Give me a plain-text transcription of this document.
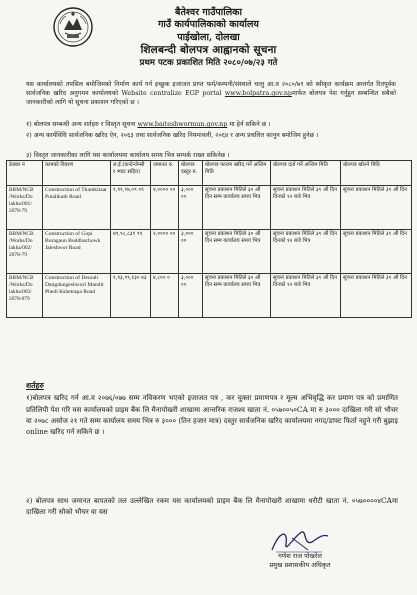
बैतेश्वर गाउँपालिका
गाउँ कार्यपालिकाको कार्यालय
पाईखोला, दोलखा
शिलबन्दी बोलपत्र आह्वानको सूचना
प्रथम पटक प्रकाशित मिति २०८०/०७/२३ गते
यस कार्यालयको तपसिल बमोजिमको निर्माण कार्य गर्न इच्छुक इजाजत प्राप्त फर्म/कम्पनी/संस्थाले चालु आ.व २०८०/७९ को स्वीकृत कार्यक्रम अन्तर्गत रितपूर्वक सार्वजनिक खरिद अनुगमन कार्यालयको Website centralize EGP portal www.bolpatra.gov.npमार्फत बोलपत्र पेश गर्नुहुन सम्बन्धित सबैको जानकारीको लागि यो सूचना प्रकाशन गरिएको छ ।
१) बोलपत्र सम्बन्धी अन्य शर्तहरु र विस्तृत सूचना www.baiteshwormun.gov.np मा हेर्न सकिने छ ।
२) अन्य कार्यविधि सार्वजनिक खरिद ऐन, २०६३ तथा सार्वजनिक खरिद नियमावली, २०६४ र अन्य प्रचलित कानुन बमोजिम हुनेछ ।
३) विस्तृत जानकारीका लागि यस कार्यालयमा कार्यालय समय भित्र सम्पर्क राख्न सकिनेछ ।
ठेक्का नं	कामको विवरण	ल.ई.(कन्टेन्जेन्सी र भ्याट सहित)	जमानत रु.	बोलपत्र दस्तुर रु.	बोलपत्र फाराम खरिद गर्ने अन्तिम मिति	बोलपत्र दर्ता गर्ने अन्तिम मिति	बोलपत्र खोल्ने मिति
BRM/NCB /Works/Do lakha/001/ 2078-79	Construction of Thamkitaar Putalikath Road	१,९९,९७,०९ ०९	४,०००० ००	३,००० ००	सूचना प्रकाशन मितिले ३० औं दिन सम्म कार्यालय समय भित्र	सूचना प्रकाशन मितिले ३१ औं दिन दिनको १२ बजे भित्र	सूचना प्रकाशन मितिले ३१ औं दिन
BRM/NCB /Works/Do lakha/002/ 2078-79	Construction of Gopi Boragaun Buddhachowk Jaleshwor Road	७९,९८,८३१ ९९	२,०००० ००	३,००० ००	सूचना प्रकाशन मितिले ३० औं दिन सम्म कार्यालय समय भित्र	सूचना प्रकाशन मितिले ३१ औं दिन दिनको १२ बजे भित्र	सूचना प्रकाशन मितिले ३१ औं दिन
BRM/NCB /Works/Do lakha/003/ 2078-079	Construction of Deurali Dangdungeshwori Mandir Phedi Kshetrapa Road	१,९३,९९,१३० ४३	४,८०० ०	३,००० ००	सूचना प्रकाशन मितिले ३० औं दिन सम्म कार्यालय समय भित्र	सूचना प्रकाशन मितिले ३१ औं दिन दिनको १२ बजे भित्र	सूचना प्रकाशन मितिले ३१ औं दिन
शर्तहरु
१)बोलपत्र खरिद गर्न आ.व २०७६/०७७ सम्म नविकरण भएको इजाजत पत्र , कर चुक्ता प्रमाणपत्र र मूल्य अभिवृद्धि कर प्रमाण पत्र को प्रमाणित प्रतिलिपी पेश गरि यस कार्यालयको प्राइम बैंक लि मैनापोखरी शाखामा आन्तरिक राजश्व खाता नं. ०५७००५०CA मा रु ३००० दाखिला गरी सो भौचर वा २०७८ असोज २१ गते सम्म कार्यालय समय भित्र रु ३००० (तिन हजार मात्र) दस्तुर सार्वजनिक खरिद कार्यालयमा नगद/डाफ्ट फिर्ता नहुने गरी बुझाइ online खरिद गर्न सकिने छ ।
२) बोलपत्र साथ जमानत बापतको तल उल्लेखित रकम यस कार्यालयको प्राइम बैंक लि मैनापोखरी शाखामा धरौटी खाता नं. ०५७००००४CAमा दाखिला गरी सोको भौचर वा यस
गणेश राज पोखरेल
प्रमुख प्रशासकीय अधिकृत
